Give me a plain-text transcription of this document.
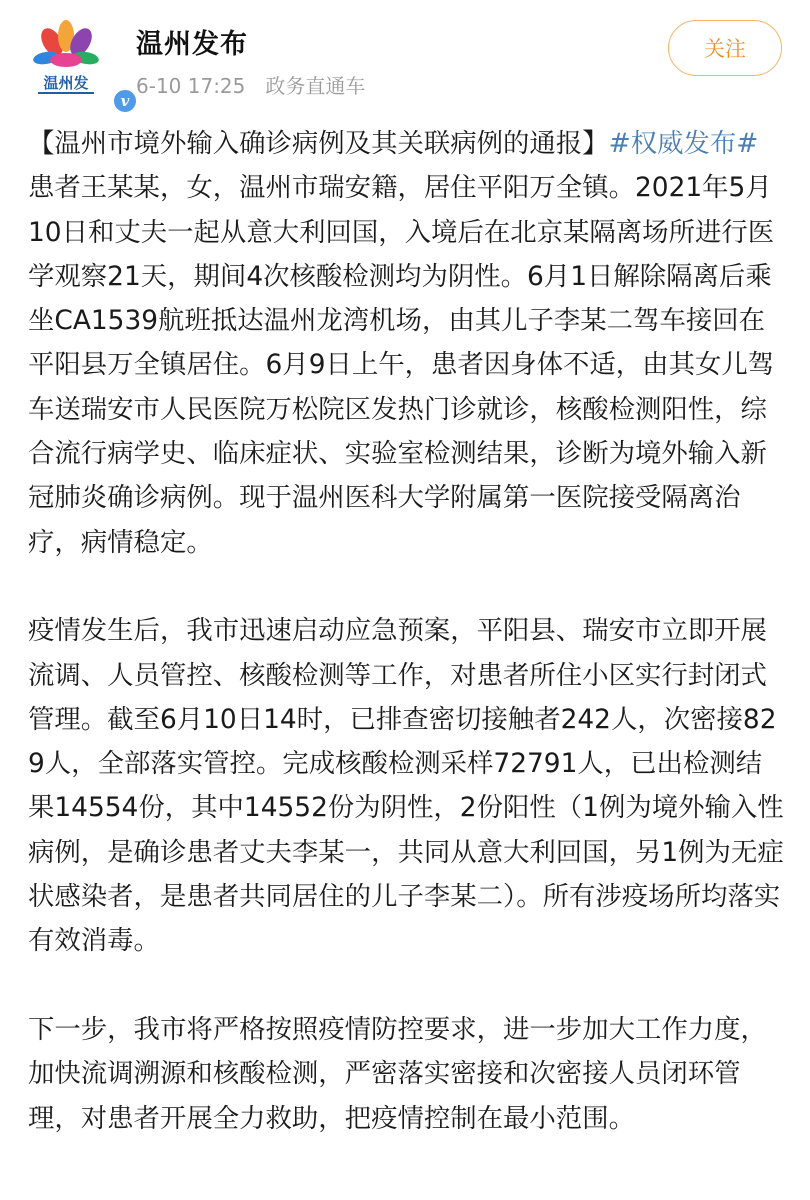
温州发
v
温州发布
6-10 17:25 政务直通车
关注

【温州市境外输入确诊病例及其关联病例的通报】#权威发布# 患者王某某，女，温州市瑞安籍，居住平阳万全镇。2021年5月10日和丈夫一起从意大利回国，入境后在北京某隔离场所进行医学观察21天，期间4次核酸检测均为阴性。6月1日解除隔离后乘坐CA1539航班抵达温州龙湾机场，由其儿子李某二驾车接回在平阳县万全镇居住。6月9日上午，患者因身体不适，由其女儿驾车送瑞安市人民医院万松院区发热门诊就诊，核酸检测阳性，综合流行病学史、临床症状、实验室检测结果，诊断为境外输入新冠肺炎确诊病例。现于温州医科大学附属第一医院接受隔离治疗，病情稳定。

疫情发生后，我市迅速启动应急预案，平阳县、瑞安市立即开展流调、人员管控、核酸检测等工作，对患者所住小区实行封闭式管理。截至6月10日14时，已排查密切接触者242人，次密接829人，全部落实管控。完成核酸检测采样72791人，已出检测结果14554份，其中14552份为阴性，2份阳性（1例为境外输入性病例，是确诊患者丈夫李某一，共同从意大利回国，另1例为无症状感染者，是患者共同居住的儿子李某二）。所有涉疫场所均落实有效消毒。

下一步，我市将严格按照疫情防控要求，进一步加大工作力度，加快流调溯源和核酸检测，严密落实密接和次密接人员闭环管理，对患者开展全力救助，把疫情控制在最小范围。
